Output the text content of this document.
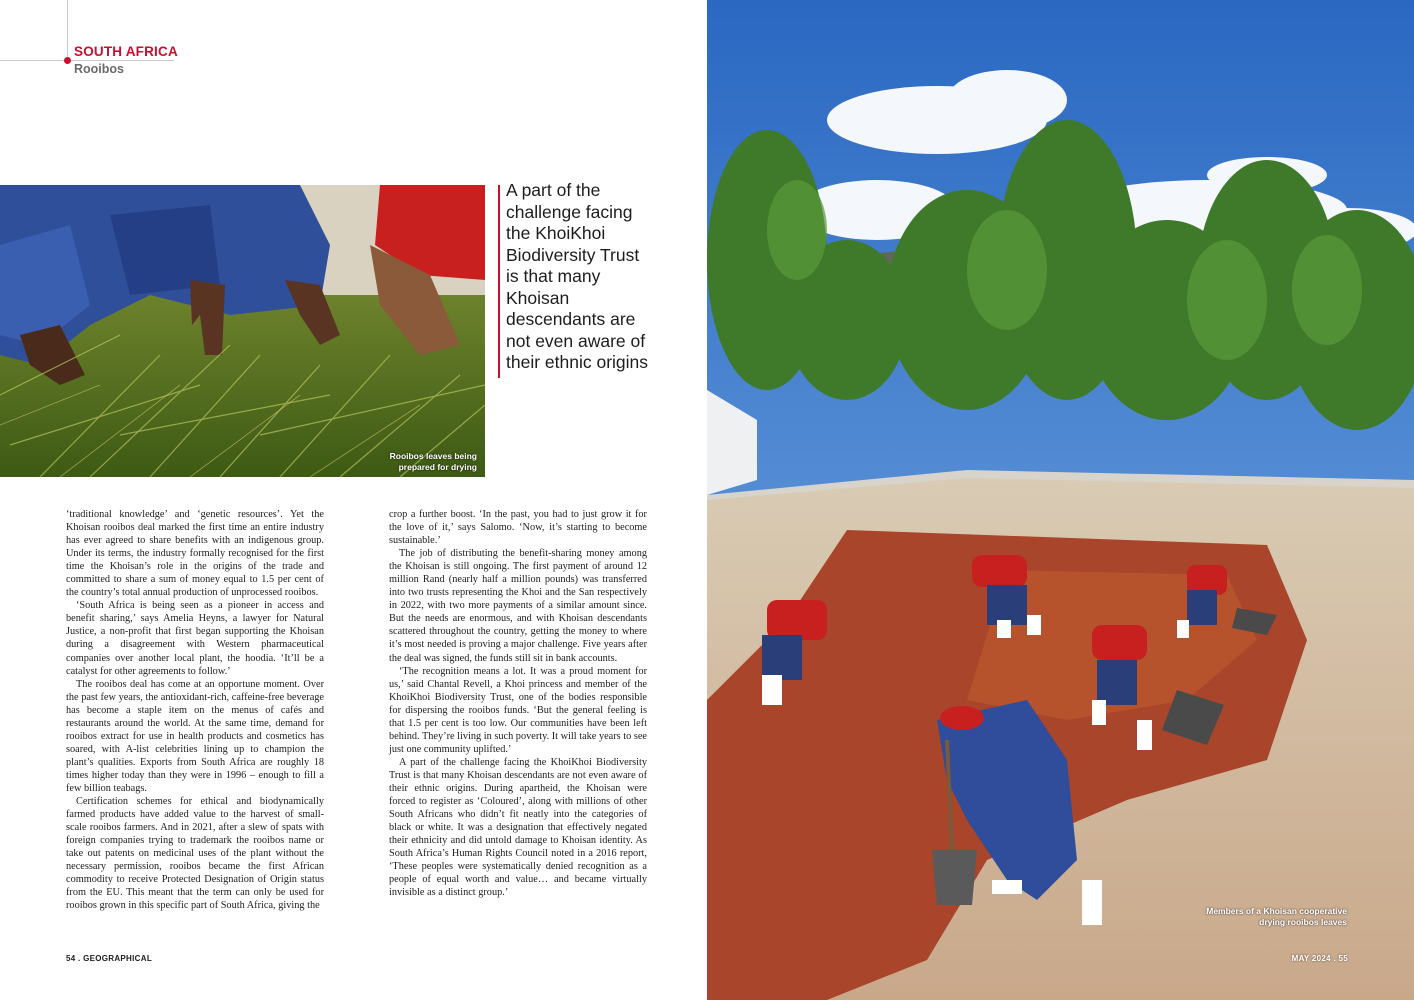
SOUTH AFRICA
Rooibos
Rooibos leaves being prepared for drying
A part of the challenge facing the KhoiKhoi Biodiversity Trust is that many Khoisan descendants are not even aware of their ethnic origins

‘traditional knowledge’ and ‘genetic resources’. Yet the Khoisan rooibos deal marked the first time an entire industry has ever agreed to share benefits with an indigenous group. Under its terms, the industry formally recognised for the first time the Khoisan’s role in the origins of the trade and committed to share a sum of money equal to 1.5 per cent of the country’s total annual production of unprocessed rooibos.

‘South Africa is being seen as a pioneer in access and benefit sharing,’ says Amelia Heyns, a lawyer for Natural Justice, a non-profit that first began supporting the Khoisan during a disagreement with Western pharmaceutical companies over another local plant, the hoodia. ‘It’ll be a catalyst for other agreements to follow.’

The rooibos deal has come at an opportune moment. Over the past few years, the antioxidant-rich, caffeine-free beverage has become a staple item on the menus of cafés and restaurants around the world. At the same time, demand for rooibos extract for use in health products and cosmetics has soared, with A-list celebrities lining up to champion the plant’s qualities. Exports from South Africa are roughly 18 times higher today than they were in 1996 – enough to fill a few billion teabags.

Certification schemes for ethical and biodynamically farmed products have added value to the harvest of small-scale rooibos farmers. And in 2021, after a slew of spats with foreign companies trying to trademark the rooibos name or take out patents on medicinal uses of the plant without the necessary permission, rooibos became the first African commodity to receive Protected Designation of Origin status from the EU. This meant that the term can only be used for rooibos grown in this specific part of South Africa, giving the

crop a further boost. ‘In the past, you had to just grow it for the love of it,’ says Salomo. ‘Now, it’s starting to become sustainable.’

The job of distributing the benefit-sharing money among the Khoisan is still ongoing. The first payment of around 12 million Rand (nearly half a million pounds) was transferred into two trusts representing the Khoi and the San respectively in 2022, with two more payments of a similar amount since. But the needs are enormous, and with Khoisan descendants scattered throughout the country, getting the money to where it’s most needed is proving a major challenge. Five years after the deal was signed, the funds still sit in bank accounts.

‘The recognition means a lot. It was a proud moment for us,’ said Chantal Revell, a Khoi princess and member of the KhoiKhoi Biodiversity Trust, one of the bodies responsible for dispersing the rooibos funds. ‘But the general feeling is that 1.5 per cent is too low. Our communities have been left behind. They’re living in such poverty. It will take years to see just one community uplifted.’

A part of the challenge facing the KhoiKhoi Biodiversity Trust is that many Khoisan descendants are not even aware of their ethnic origins. During apartheid, the Khoisan were forced to register as ‘Coloured’, along with millions of other South Africans who didn’t fit neatly into the categories of black or white. It was a designation that effectively negated their ethnicity and did untold damage to Khoisan identity. As South Africa’s Human Rights Council noted in a 2016 report, ‘These peoples were systematically denied recognition as a people of equal worth and value… and became virtually invisible as a distinct group.’

54 . GEOGRAPHICAL
Members of a Khoisan cooperative drying rooibos leaves
MAY 2024 . 55
